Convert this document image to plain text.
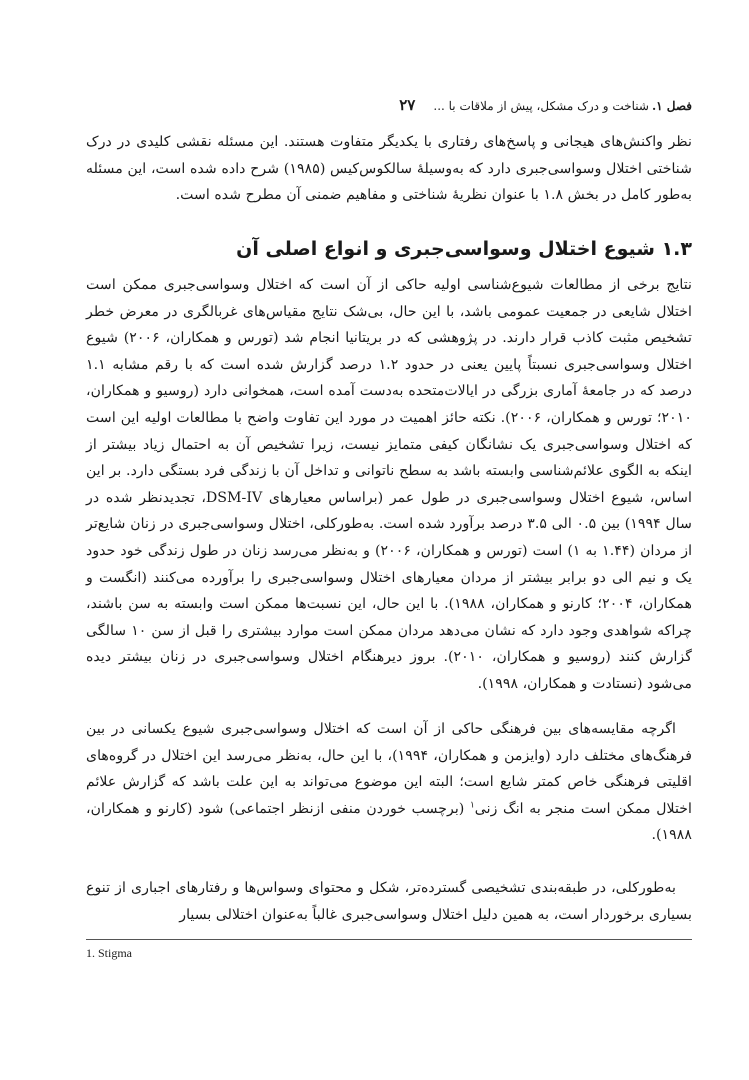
فصل ۱.
شناخت و درک مشکل، پیش از ملاقات با ...
۲۷

نظر واکنش‌های هیجانی و پاسخ‌های رفتاری با یکدیگر متفاوت هستند. این مسئله نقشی کلیدی در درک شناختی اختلال وسواسی‌جبری دارد که به‌وسیلهٔ سالکوس‌کیس (۱۹۸۵) شرح داده شده است، این مسئله به‌طور کامل در بخش ۱.۸ با عنوان نظریهٔ شناختی و مفاهیم ضمنی آن مطرح شده است.

۱.۳ شیوع اختلال وسواسی‌جبری و انواع اصلی آن

نتایج برخی از مطالعات شیوع‌شناسی اولیه حاکی از آن است که اختلال وسواسی‌جبری ممکن است اختلال شایعی در جمعیت عمومی باشد، با این حال، بی‌شک نتایج مقیاس‌های غربالگری در معرض خطر تشخیص مثبت کاذب قرار دارند. در پژوهشی که در بریتانیا انجام شد (تورس و همکاران، ۲۰۰۶) شیوع اختلال وسواسی‌جبری نسبتاً پایین یعنی در حدود ۱.۲ درصد گزارش شده است که با رقم مشابه ۱.۱ درصد که در جامعهٔ آماری بزرگی در ایالات‌متحده به‌دست آمده است، همخوانی دارد (روسیو و همکاران، ۲۰۱۰؛ تورس و همکاران، ۲۰۰۶). نکته حائز اهمیت در مورد این تفاوت واضح با مطالعات اولیه این است که اختلال وسواسی‌جبری یک نشانگان کیفی متمایز نیست، زیرا تشخیص آن به احتمال زیاد بیشتر از اینکه به الگوی علائم‌شناسی وابسته باشد به سطح ناتوانی و تداخل آن با زندگی فرد بستگی دارد. بر این اساس، شیوع اختلال وسواسی‌جبری در طول عمر (براساس معیارهای DSM-IV، تجدیدنظر شده در سال ۱۹۹۴) بین ۰.۵ الی ۳.۵ درصد برآورد شده است. به‌طورکلی، اختلال وسواسی‌جبری در زنان شایع‌تر از مردان (۱.۴۴ به ۱) است (تورس و همکاران، ۲۰۰۶) و به‌نظر می‌رسد زنان در طول زندگی خود حدود یک و نیم الی دو برابر بیشتر از مردان معیارهای اختلال وسواسی‌جبری را برآورده می‌کنند (انگست و همکاران، ۲۰۰۴؛ کارنو و همکاران، ۱۹۸۸). با این حال، این نسبت‌ها ممکن است وابسته به سن باشند، چراکه شواهدی وجود دارد که نشان می‌دهد مردان ممکن است موارد بیشتری را قبل از سن ۱۰ سالگی گزارش کنند (روسیو و همکاران، ۲۰۱۰). بروز دیرهنگام اختلال وسواسی‌جبری در زنان بیشتر دیده می‌شود (نستادت و همکاران، ۱۹۹۸).

اگرچه مقایسه‌های بین فرهنگی حاکی از آن است که اختلال وسواسی‌جبری شیوع یکسانی در بین فرهنگ‌های مختلف دارد (وایزمن و همکاران، ۱۹۹۴)، با این حال، به‌نظر می‌رسد این اختلال در گروه‌های اقلیتی فرهنگی خاص کمتر شایع است؛ البته این موضوع می‌تواند به این علت باشد که گزارش علائم اختلال ممکن است منجر به انگ زنی$^۱$ (برچسب خوردن منفی ازنظر اجتماعی) شود (کارنو و همکاران، ۱۹۸۸).

به‌طورکلی، در طبقه‌بندی تشخیصی گسترده‌تر، شکل و محتوای وسواس‌ها و رفتارهای اجباری از تنوع بسیاری برخوردار است، به همین دلیل اختلال وسواسی‌جبری غالباً به‌عنوان اختلالی بسیار

1. Stigma
